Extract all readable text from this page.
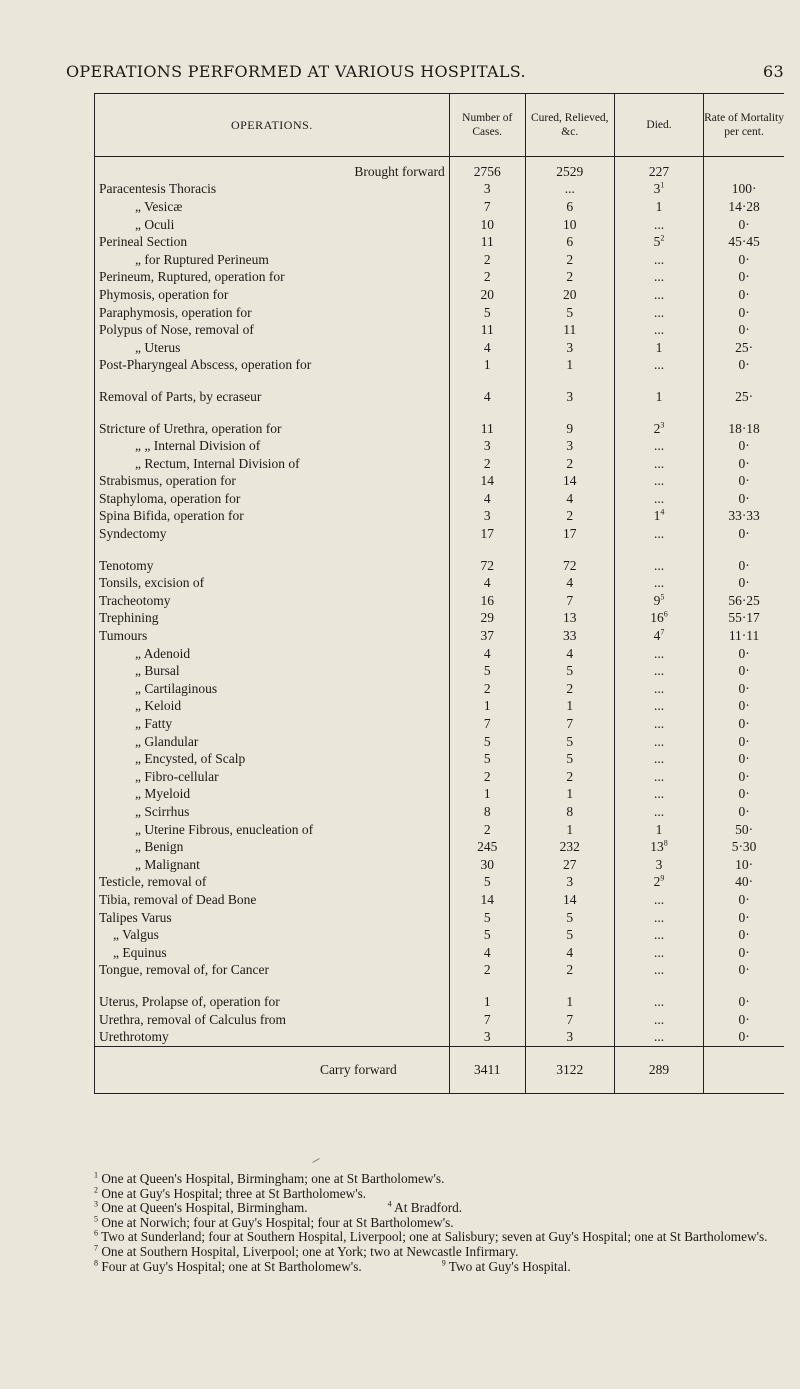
OPERATIONS PERFORMED AT VARIOUS HOSPITALS.	63
OPERATIONS.	Number of Cases.	Cured, Relieved, &c.	Died.	Rate of Mortality per cent.
Brought forward	2756	2529	227	
Paracentesis Thoracis	3	...	$3^1$	100·
„ Vesicæ	7	6	1	14·28
„ Oculi	10	10	...	0·
Perineal Section	11	6	$5^2$	45·45
„ for Ruptured Perineum	2	2	...	0·
Perineum, Ruptured, operation for	2	2	...	0·
Phymosis, operation for	20	20	...	0·
Paraphymosis, operation for	5	5	...	0·
Polypus of Nose, removal of	11	11	...	0·
„ Uterus	4	3	1	25·
Post-Pharyngeal Abscess, operation for	1	1	...	0·

Removal of Parts, by ecraseur	4	3	1	25·

Stricture of Urethra, operation for	11	9	$2^3$	18·18
„ „ Internal Division of	3	3	...	0·
„ Rectum, Internal Division of	2	2	...	0·
Strabismus, operation for	14	14	...	0·
Staphyloma, operation for	4	4	...	0·
Spina Bifida, operation for	3	2	$1^4$	33·33
Syndectomy	17	17	...	0·

Tenotomy	72	72	...	0·
Tonsils, excision of	4	4	...	0·
Tracheotomy	16	7	$9^5$	56·25
Trephining	29	13	$16^6$	55·17
Tumours	37	33	$4^7$	11·11
„ Adenoid	4	4	...	0·
„ Bursal	5	5	...	0·
„ Cartilaginous	2	2	...	0·
„ Keloid	1	1	...	0·
„ Fatty	7	7	...	0·
„ Glandular	5	5	...	0·
„ Encysted, of Scalp	5	5	...	0·
„ Fibro-cellular	2	2	...	0·
„ Myeloid	1	1	...	0·
„ Scirrhus	8	8	...	0·
„ Uterine Fibrous, enucleation of	2	1	1	50·
„ Benign	245	232	$13^8$	5·30
„ Malignant	30	27	3	10·
Testicle, removal of	5	3	$2^9$	40·
Tibia, removal of Dead Bone	14	14	...	0·
Talipes Varus	5	5	...	0·
„ Valgus	5	5	...	0·
„ Equinus	4	4	...	0·
Tongue, removal of, for Cancer	2	2	...	0·

Uterus, Prolapse of, operation for	1	1	...	0·
Urethra, removal of Calculus from	7	7	...	0·
Urethrotomy	3	3	...	0·
Carry forward	3411	3122	289	

$^1$ One at Queen's Hospital, Birmingham; one at St Bartholomew's.

$^2$ One at Guy's Hospital; three at St Bartholomew's.

$^3$ One at Queen's Hospital, Birmingham.	$^4$ At Bradford.

$^5$ One at Norwich; four at Guy's Hospital; four at St Bartholomew's.

$^6$ Two at Sunderland; four at Southern Hospital, Liverpool; one at Salisbury; seven at Guy's Hospital; one at St Bartholomew's.

$^7$ One at Southern Hospital, Liverpool; one at York; two at Newcastle Infirmary.

$^8$ Four at Guy's Hospital; one at St Bartholomew's.	$^9$ Two at Guy's Hospital.
